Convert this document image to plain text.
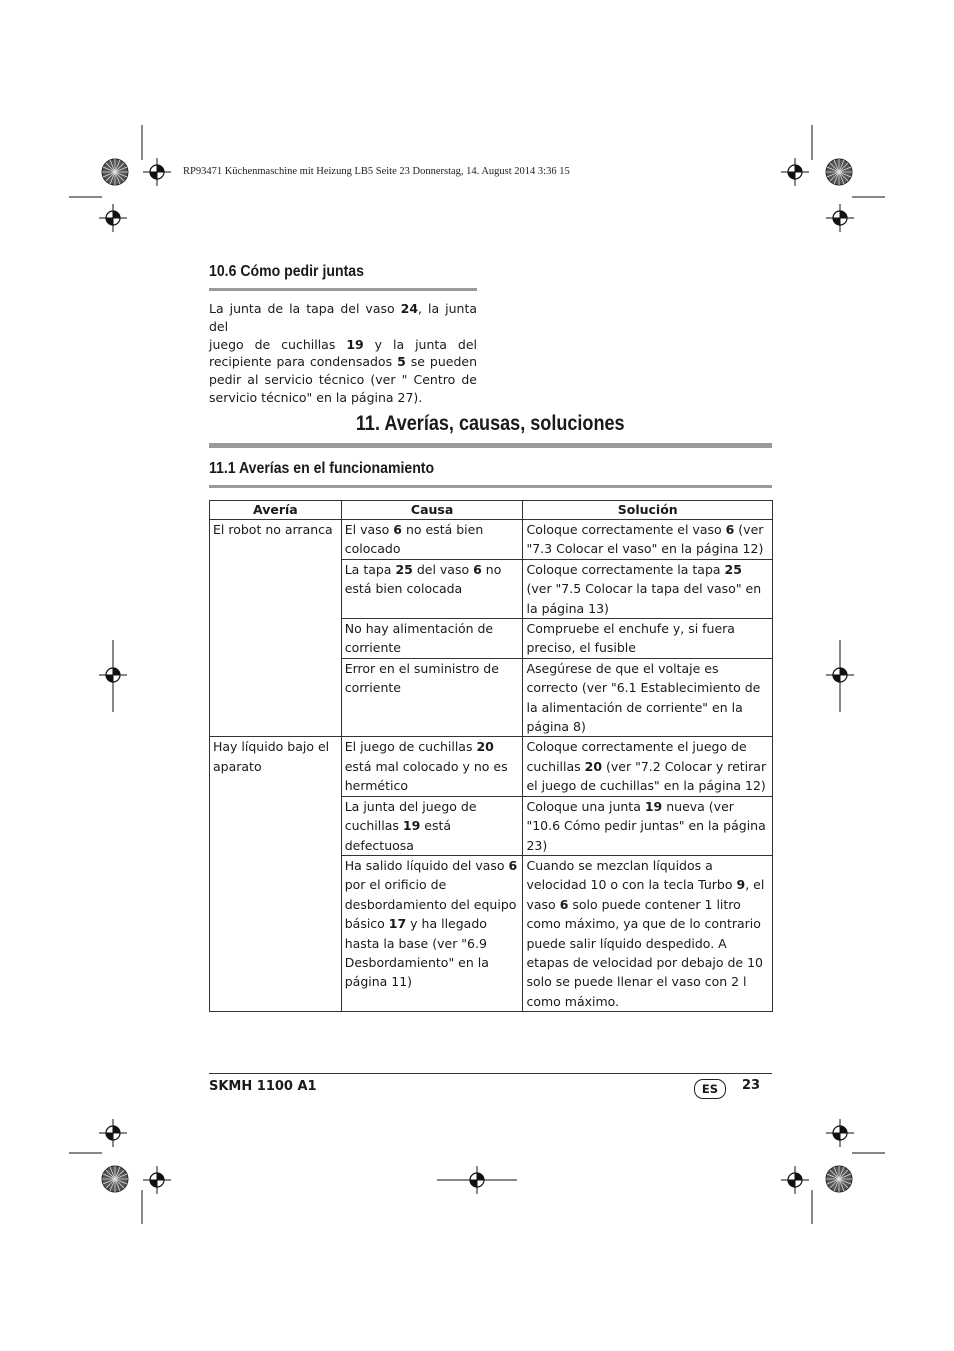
RP93471 Küchenmaschine mit Heizung LB5 Seite 23 Donnerstag, 14. August 2014 3:36 15
10.6 Cómo pedir juntas
La junta de la tapa del vaso 24, la junta del
juego de cuchillas 19 y la junta del
recipiente para condensados 5 se pueden
pedir al servicio técnico (ver " Centro de
servicio técnico" en la página 27).
11. Averías, causas, soluciones
11.1 Averías en el funcionamiento
Avería	Causa	Solución
El robot no arranca	El vaso 6 no está bien colocado	Coloque correctamente el vaso 6 (ver "7.3 Colocar el vaso" en la página 12)
	La tapa 25 del vaso 6 no está bien colocada	Coloque correctamente la tapa 25 (ver "7.5 Colocar la tapa del vaso" en la página 13)
	No hay alimentación de corriente	Compruebe el enchufe y, si fuera preciso, el fusible
	Error en el suministro de corriente	Asegúrese de que el voltaje es correcto (ver "6.1 Establecimiento de la alimentación de corriente" en la página 8)
Hay líquido bajo el aparato	El juego de cuchillas 20 está mal colocado y no es hermético	Coloque correctamente el juego de cuchillas 20 (ver "7.2 Colocar y retirar el juego de cuchillas" en la página 12)
	La junta del juego de cuchillas 19 está defectuosa	Coloque una junta 19 nueva (ver "10.6 Cómo pedir juntas" en la página 23)
	Ha salido líquido del vaso 6 por el orificio de desbordamiento del equipo básico 17 y ha llegado hasta la base (ver "6.9 Desbordamiento" en la página 11)	Cuando se mezclan líquidos a velocidad 10 o con la tecla Turbo 9, el vaso 6 solo puede contener 1 litro como máximo, ya que de lo contrario puede salir líquido despedido. A etapas de velocidad por debajo de 10 solo se puede llenar el vaso con 2 l como máximo.
SKMH 1100 A1	ES	23
